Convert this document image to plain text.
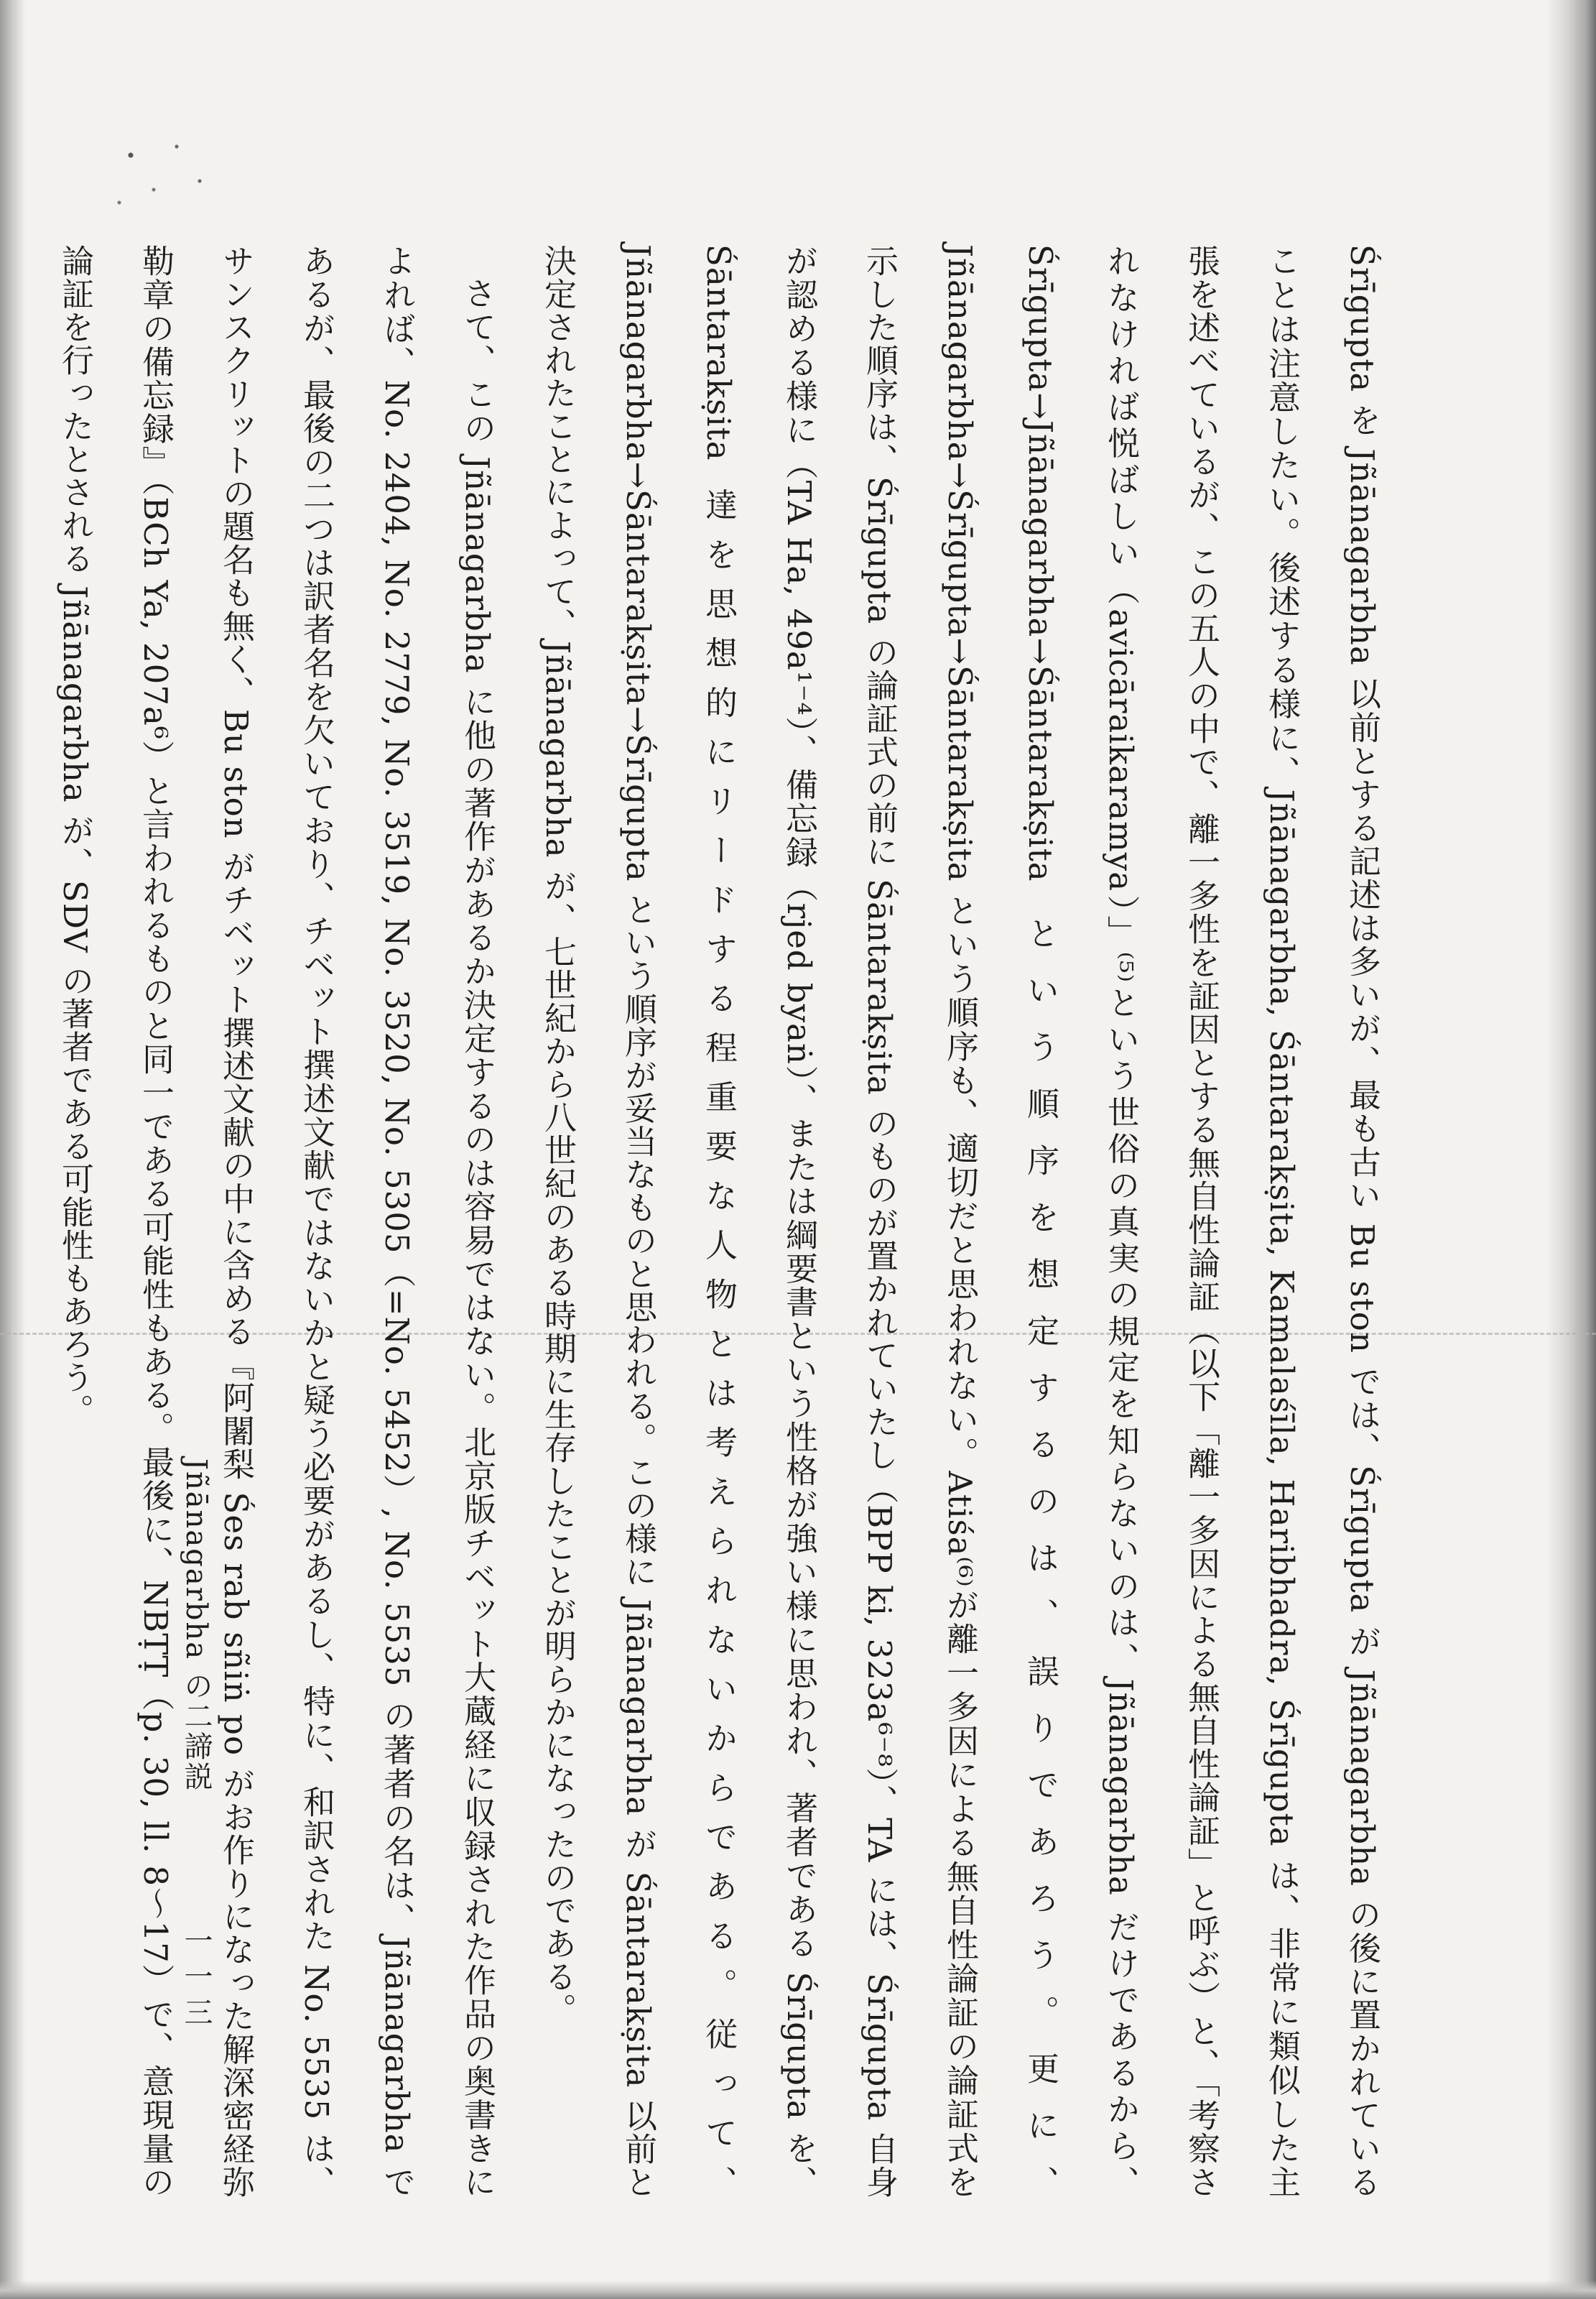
Śrīgupta を Jñānagarbha 以前とする記述は多いが、最も古い Bu ston では、Śrīgupta が Jñānagarbha の後に置かれていることは注意したい。後述する様に、Jñānagarbha, Śāntarakṣita, Kamalaśīla, Haribhadra, Śrīgupta は、非常に類似した主張を述べているが、この五人の中で、離一多性を証因とする無自性論証（以下「離一多因による無自性論証」と呼ぶ）と、「考察されなければ悦ばしい（avicāraikaramya）」⁽⁵⁾という世俗の真実の規定を知らないのは、Jñānagarbha だけであるから、Śrīgupta→Jñānagarbha→Śāntarakṣita という順序を想定するのは、誤りであろう。更に、Jñānagarbha→Śrīgupta→Śāntarakṣita という順序も、適切だと思われない。Atiśa⁽⁶⁾が離一多因による無自性論証の論証式を示した順序は、Śrīgupta の論証式の前に Śāntarakṣita のものが置かれていたし（BPP ki, 323a⁶⁻⁸）、TA には、Śrīgupta 自身が認める様に（TA Ha, 49a¹⁻⁴）、備忘録（rjed byaṅ）、または綱要書という性格が強い様に思われ、著者である Śrīgupta を、Śāntarakṣita 達を思想的にリードする程重要な人物とは考えられないからである。従って、Jñānagarbha→Śāntarakṣita→Śrīgupta という順序が妥当なものと思われる。この様に Jñānagarbha が Śāntarakṣita 以前と決定されたことによって、Jñānagarbha が、七世紀から八世紀のある時期に生存したことが明らかになったのである。

さて、この Jñānagarbha に他の著作があるか決定するのは容易ではない。北京版チベット大蔵経に収録された作品の奥書きによれば、No. 2404, No. 2779, No. 3519, No. 3520, No. 5305（=No. 5452）, No. 5535 の著者の名は、Jñānagarbha であるが、最後の二つは訳者名を欠いており、チベット撰述文献ではないかと疑う必要があるし、特に、和訳された No. 5535 は、サンスクリットの題名も無く、Bu ston がチベット撰述文献の中に含める『阿闍梨 Śes rab sñiṅ po がお作りになった解深密経弥勒章の備忘録』（BCh Ya, 207a⁶）と言われるものと同一である可能性もある。最後に、NBṬṬ（p. 30, ll. 8～17）で、意現量の論証を行ったとされる Jñānagarbha が、SDV の著者である可能性もあろう。

Jñānagarbha の二諦説
一一三
